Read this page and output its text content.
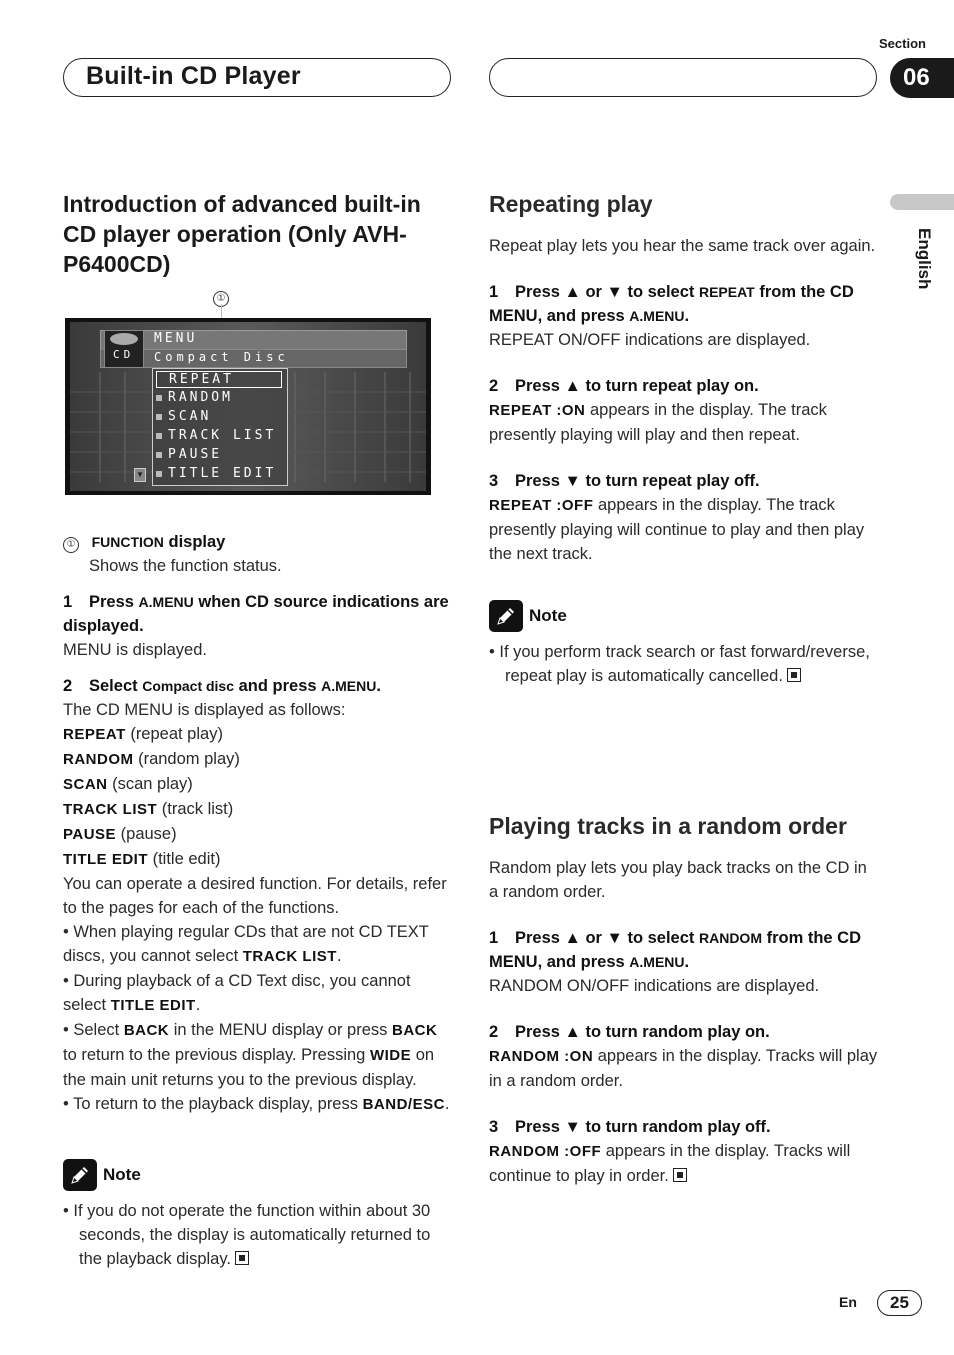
Built-in CD Player
Section
06
English
Introduction of advanced built-in CD player operation (Only AVH-P6400CD)
①
CD
MENU
Compact Disc
REPEAT
RANDOM
SCAN
TRACK LIST
PAUSE
TITLE EDIT
▼

① FUNCTION display

Shows the function status.

1 Press A.MENU when CD source indications are displayed.

MENU is displayed.

2 Select Compact disc and press A.MENU.

The CD MENU is displayed as follows:

REPEAT (repeat play)

RANDOM (random play)

SCAN (scan play)

TRACK LIST (track list)

PAUSE (pause)

TITLE EDIT (title edit)

You can operate a desired function. For details, refer to the pages for each of the functions.

• When playing regular CDs that are not CD TEXT discs, you cannot select TRACK LIST.

• During playback of a CD Text disc, you cannot select TITLE EDIT.

• Select BACK in the MENU display or press BACK to return to the previous display. Pressing WIDE on the main unit returns you to the previous display.

• To return to the playback display, press BAND/ESC.

Note

• If you do not operate the function within about 30 seconds, the display is automatically returned to the playback display.

Repeating play

Repeat play lets you hear the same track over again.

1 Press ▲ or ▼ to select REPEAT from the CD MENU, and press A.MENU.

REPEAT ON/OFF indications are displayed.

2 Press ▲ to turn repeat play on.

REPEAT :ON appears in the display. The track presently playing will play and then repeat.

3 Press ▼ to turn repeat play off.

REPEAT :OFF appears in the display. The track presently playing will continue to play and then play the next track.

Note

• If you perform track search or fast forward/reverse, repeat play is automatically cancelled.

Playing tracks in a random order

Random play lets you play back tracks on the CD in a random order.

1 Press ▲ or ▼ to select RANDOM from the CD MENU, and press A.MENU.

RANDOM ON/OFF indications are displayed.

2 Press ▲ to turn random play on.

RANDOM :ON appears in the display. Tracks will play in a random order.

3 Press ▼ to turn random play off.

RANDOM :OFF appears in the display. Tracks will continue to play in order.

En	25
